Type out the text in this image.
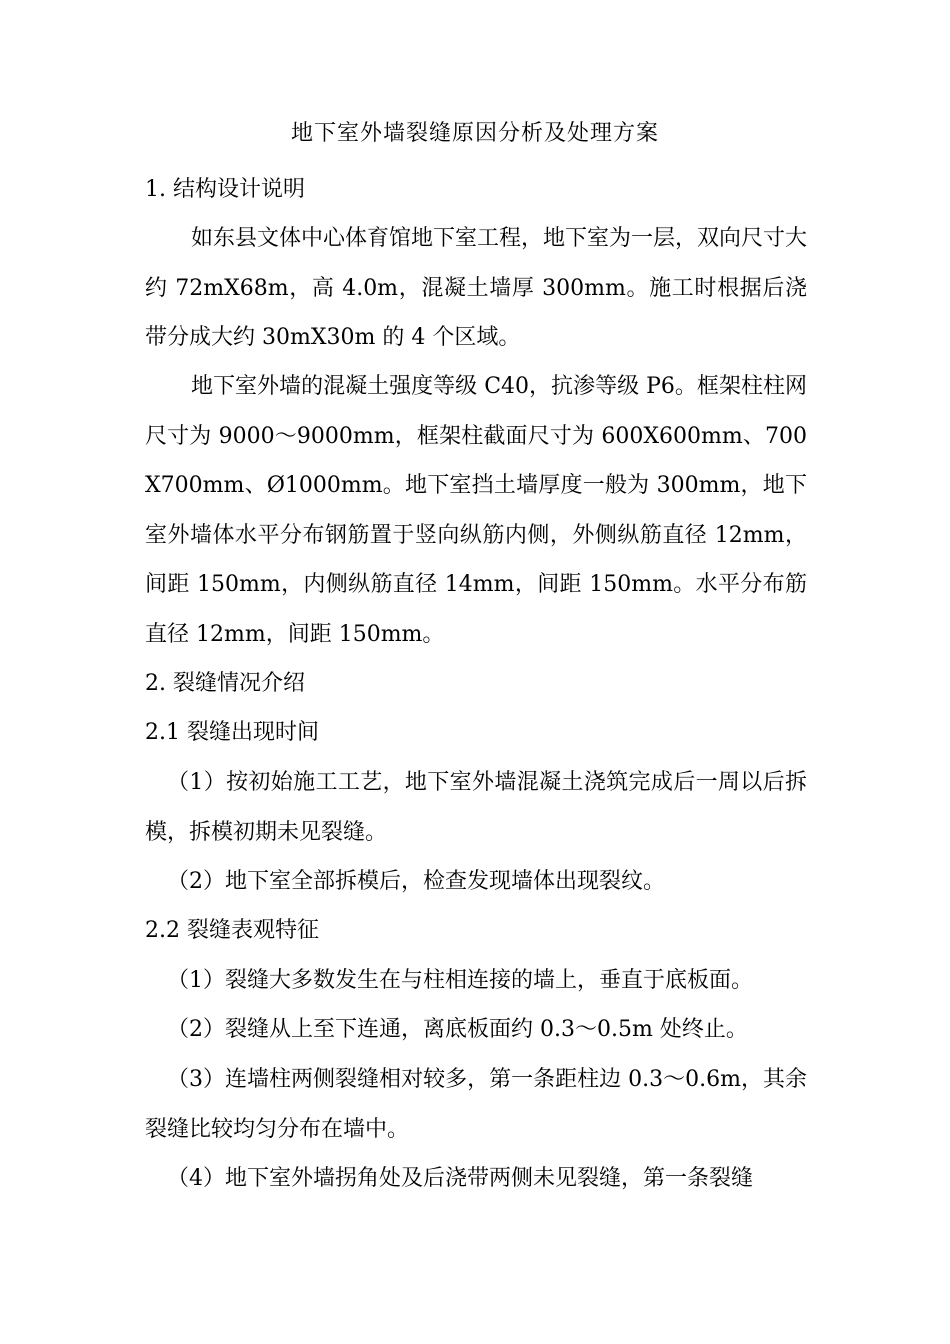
地下室外墙裂缝原因分析及处理方案
1. 结构设计说明
如东县文体中心体育馆地下室工程，地下室为一层，双向尺寸大约 72mX68m，高 4.0m，混凝土墙厚 300mm。施工时根据后浇带分成大约 30mX30m 的 4 个区域。
地下室外墙的混凝土强度等级 C40，抗渗等级 P6。框架柱柱网尺寸为 9000～9000mm，框架柱截面尺寸为 600X600mm、700X700mm、Ø1000mm。地下室挡土墙厚度一般为 300mm，地下室外墙体水平分布钢筋置于竖向纵筋内侧，外侧纵筋直径 12mm，间距 150mm，内侧纵筋直径 14mm，间距 150mm。水平分布筋直径 12mm，间距 150mm。
2. 裂缝情况介绍
2.1 裂缝出现时间
（1）按初始施工工艺，地下室外墙混凝土浇筑完成后一周以后拆模，拆模初期未见裂缝。
（2）地下室全部拆模后，检查发现墙体出现裂纹。
2.2 裂缝表观特征
（1）裂缝大多数发生在与柱相连接的墙上，垂直于底板面。
（2）裂缝从上至下连通，离底板面约 0.3～0.5m 处终止。
（3）连墙柱两侧裂缝相对较多，第一条距柱边 0.3～0.6m，其余裂缝比较均匀分布在墙中。
（4）地下室外墙拐角处及后浇带两侧未见裂缝，第一条裂缝
